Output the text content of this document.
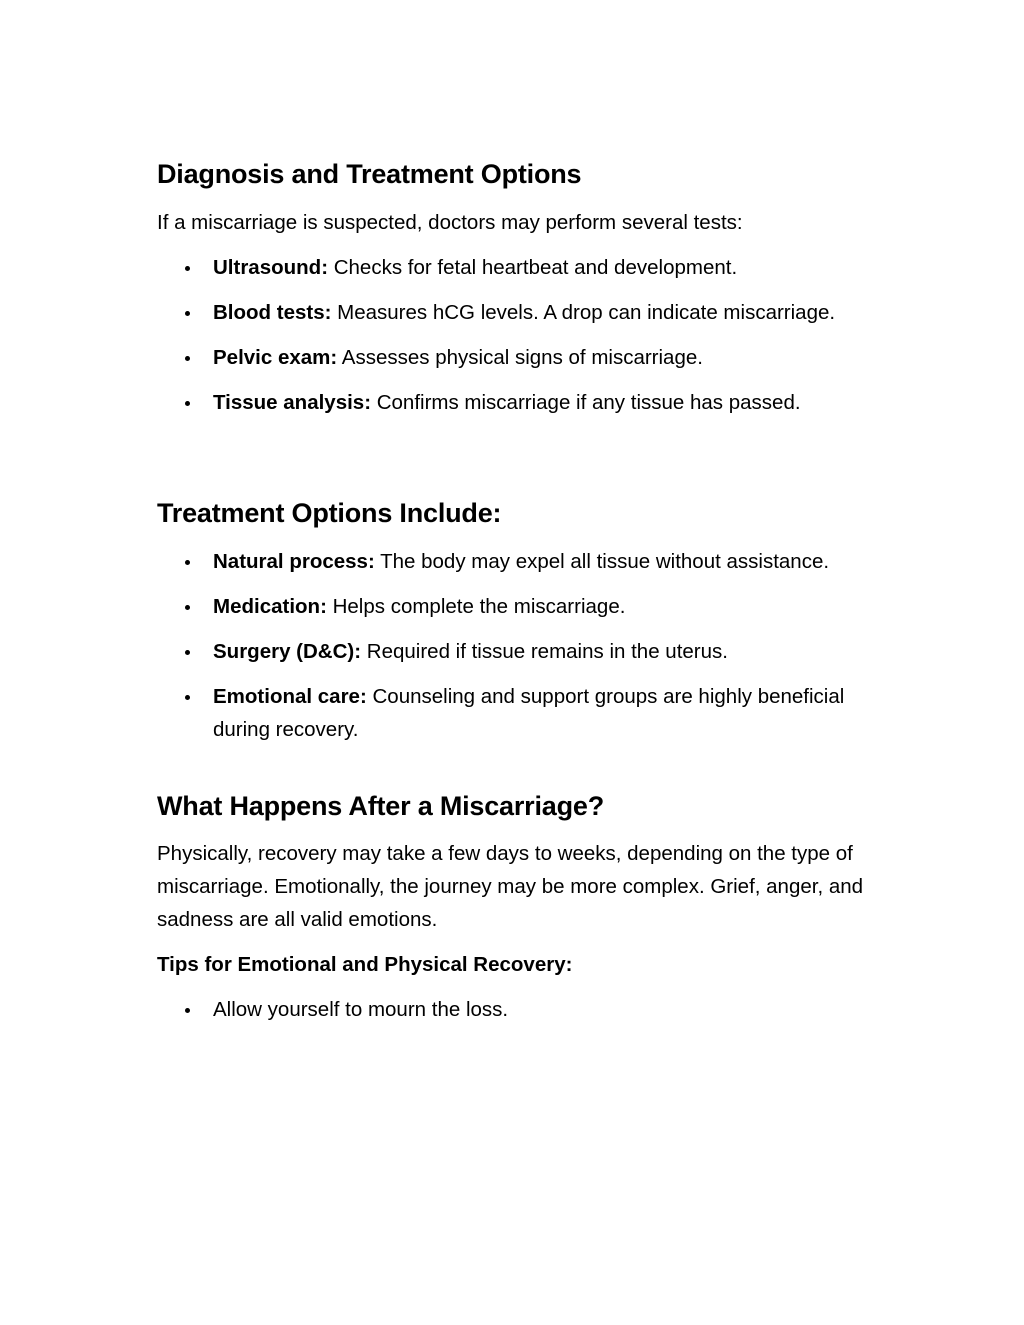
Diagnosis and Treatment Options

If a miscarriage is suspected, doctors may perform several tests:

Ultrasound: Checks for fetal heartbeat and development.
Blood tests: Measures hCG levels. A drop can indicate miscarriage.
Pelvic exam: Assesses physical signs of miscarriage.
Tissue analysis: Confirms miscarriage if any tissue has passed.
Treatment Options Include:
Natural process: The body may expel all tissue without assistance.
Medication: Helps complete the miscarriage.
Surgery (D&C): Required if tissue remains in the uterus.
Emotional care: Counseling and support groups are highly beneficial during recovery.
What Happens After a Miscarriage?

Physically, recovery may take a few days to weeks, depending on the type of miscarriage. Emotionally, the journey may be more complex. Grief, anger, and sadness are all valid emotions.

Tips for Emotional and Physical Recovery:

Allow yourself to mourn the loss.
